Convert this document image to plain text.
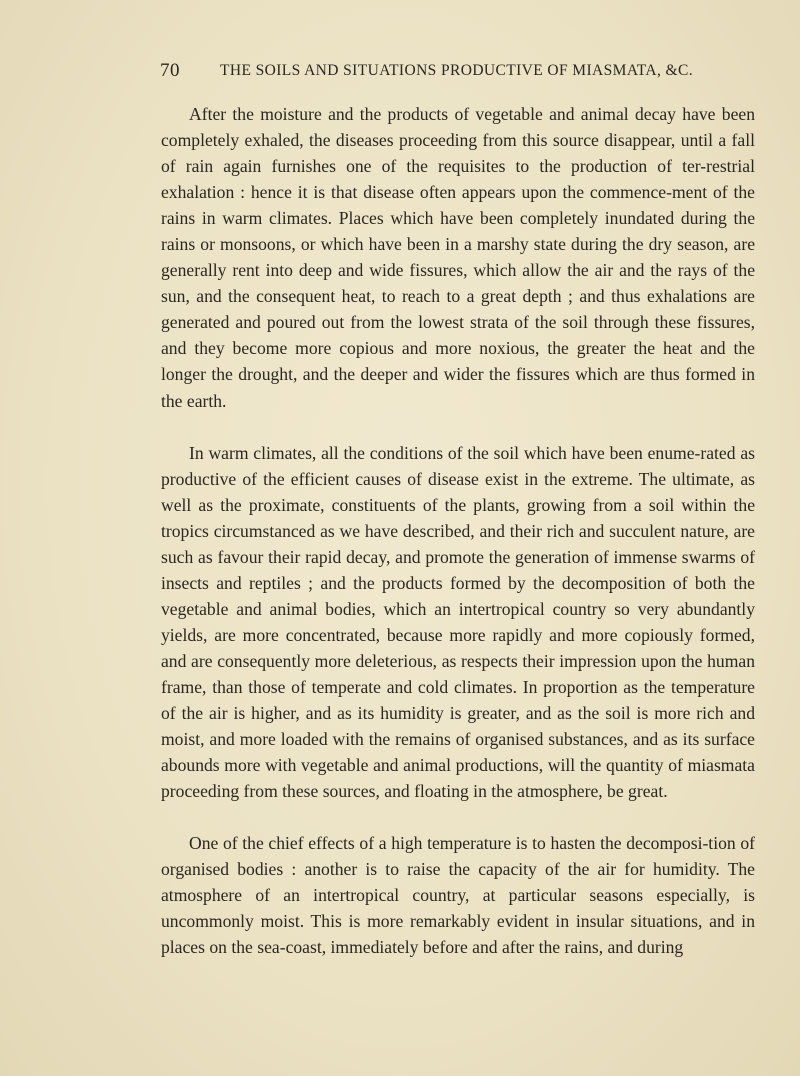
70	THE SOILS AND SITUATIONS PRODUCTIVE OF MIASMATA, &C.

After the moisture and the products of vegetable and animal decay have been completely exhaled, the diseases proceeding from this source disappear, until a fall of rain again furnishes one of the requisites to the production of ter-restrial exhalation : hence it is that disease often appears upon the commence-ment of the rains in warm climates. Places which have been completely inundated during the rains or monsoons, or which have been in a marshy state during the dry season, are generally rent into deep and wide fissures, which allow the air and the rays of the sun, and the consequent heat, to reach to a great depth ; and thus exhalations are generated and poured out from the lowest strata of the soil through these fissures, and they become more copious and more noxious, the greater the heat and the longer the drought, and the deeper and wider the fissures which are thus formed in the earth.

In warm climates, all the conditions of the soil which have been enume-rated as productive of the efficient causes of disease exist in the extreme. The ultimate, as well as the proximate, constituents of the plants, growing from a soil within the tropics circumstanced as we have described, and their rich and succulent nature, are such as favour their rapid decay, and promote the generation of immense swarms of insects and reptiles ; and the products formed by the decomposition of both the vegetable and animal bodies, which an intertropical country so very abundantly yields, are more concentrated, because more rapidly and more copiously formed, and are consequently more deleterious, as respects their impression upon the human frame, than those of temperate and cold climates. In proportion as the temperature of the air is higher, and as its humidity is greater, and as the soil is more rich and moist, and more loaded with the remains of organised substances, and as its surface abounds more with vegetable and animal productions, will the quantity of miasmata proceeding from these sources, and floating in the atmosphere, be great.

One of the chief effects of a high temperature is to hasten the decomposi-tion of organised bodies : another is to raise the capacity of the air for humidity. The atmosphere of an intertropical country, at particular seasons especially, is uncommonly moist. This is more remarkably evident in insular situations, and in places on the sea-coast, immediately before and after the rains, and during
